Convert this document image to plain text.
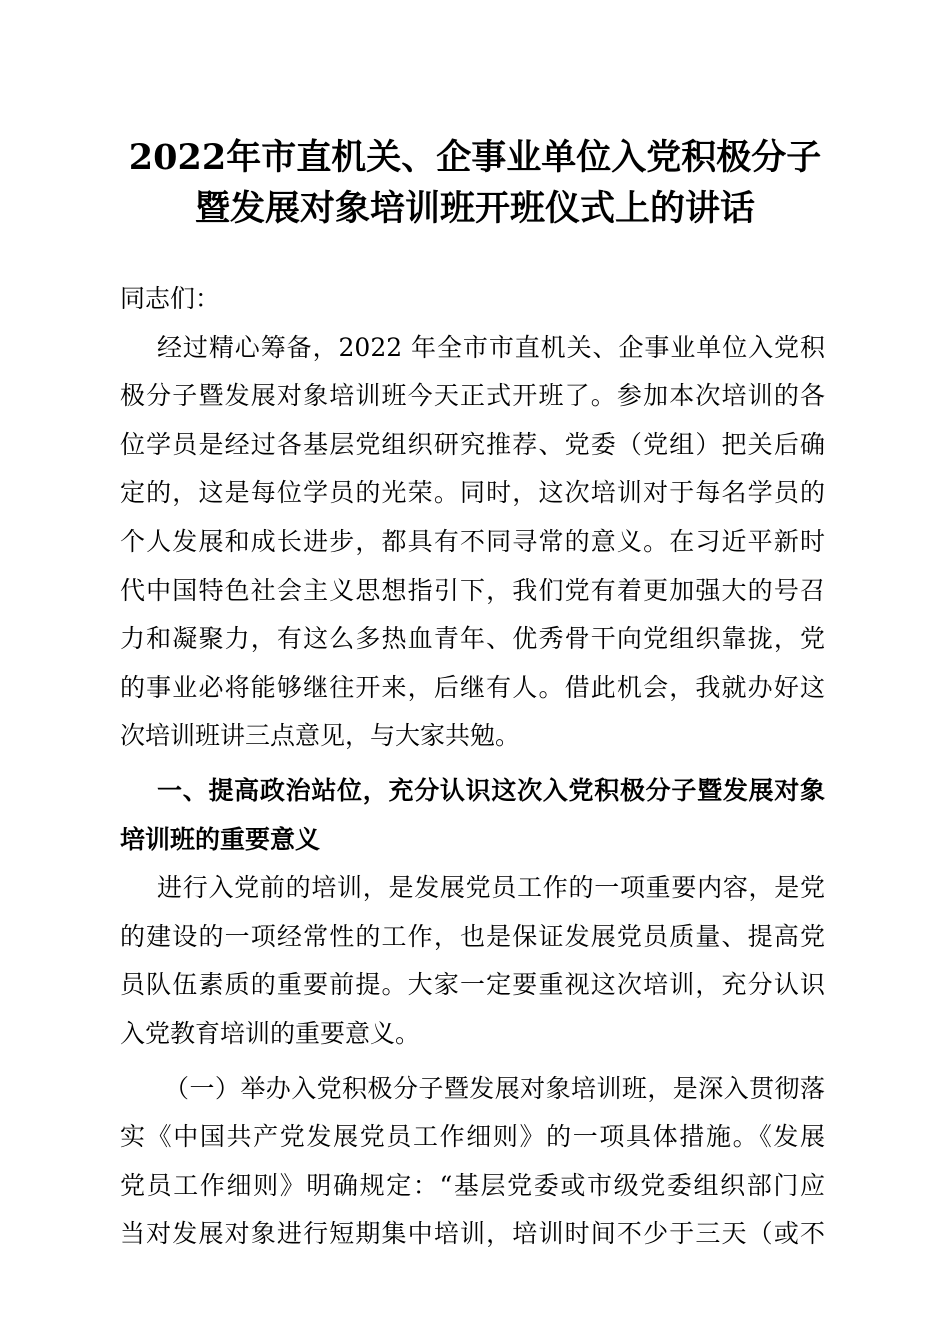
2022年市直机关、企事业单位入党积极分子
暨发展对象培训班开班仪式上的讲话
同志们：
经过精心筹备，2022 年全市市直机关、企事业单位入党积
极分子暨发展对象培训班今天正式开班了。参加本次培训的各
位学员是经过各基层党组织研究推荐、党委（党组）把关后确
定的，这是每位学员的光荣。同时，这次培训对于每名学员的
个人发展和成长进步，都具有不同寻常的意义。在习近平新时
代中国特色社会主义思想指引下，我们党有着更加强大的号召
力和凝聚力，有这么多热血青年、优秀骨干向党组织靠拢，党
的事业必将能够继往开来，后继有人。借此机会，我就办好这
次培训班讲三点意见，与大家共勉。
一、提高政治站位，充分认识这次入党积极分子暨发展对象
培训班的重要意义
进行入党前的培训，是发展党员工作的一项重要内容，是党
的建设的一项经常性的工作，也是保证发展党员质量、提高党
员队伍素质的重要前提。大家一定要重视这次培训，充分认识
入党教育培训的重要意义。
（一）举办入党积极分子暨发展对象培训班，是深入贯彻落
实《中国共产党发展党员工作细则》的一项具体措施。《发展
党员工作细则》明确规定：“基层党委或市级党委组织部门应
当对发展对象进行短期集中培训，培训时间不少于三天（或不
